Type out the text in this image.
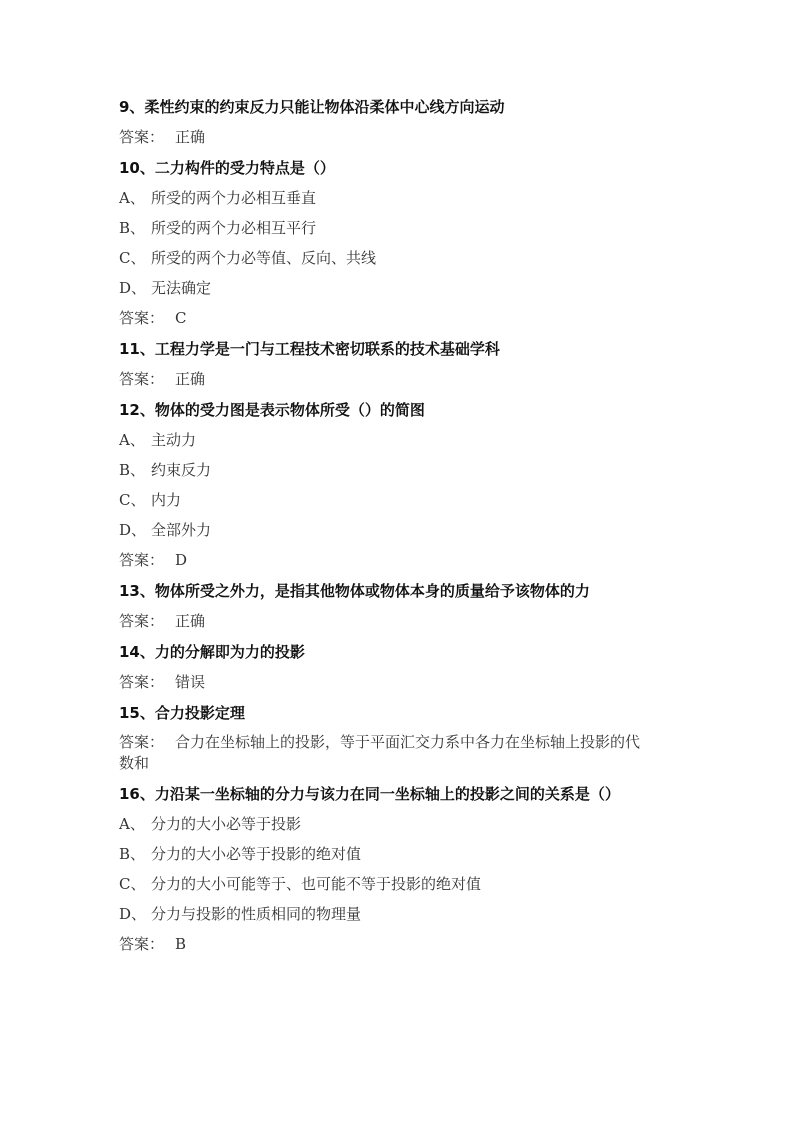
9、柔性约束的约束反力只能让物体沿柔体中心线方向运动

答案： 正确

10、二力构件的受力特点是（）

A、 所受的两个力必相互垂直

B、 所受的两个力必相互平行

C、 所受的两个力必等值、反向、共线

D、 无法确定

答案： C

11、工程力学是一门与工程技术密切联系的技术基础学科

答案： 正确

12、物体的受力图是表示物体所受（）的简图

A、 主动力

B、 约束反力

C、 内力

D、 全部外力

答案： D

13、物体所受之外力，是指其他物体或物体本身的质量给予该物体的力

答案： 正确

14、力的分解即为力的投影

答案： 错误

15、合力投影定理

答案： 合力在坐标轴上的投影，等于平面汇交力系中各力在坐标轴上投影的代

数和

16、力沿某一坐标轴的分力与该力在同一坐标轴上的投影之间的关系是（）

A、 分力的大小必等于投影

B、 分力的大小必等于投影的绝对值

C、 分力的大小可能等于、也可能不等于投影的绝对值

D、 分力与投影的性质相同的物理量

答案： B
